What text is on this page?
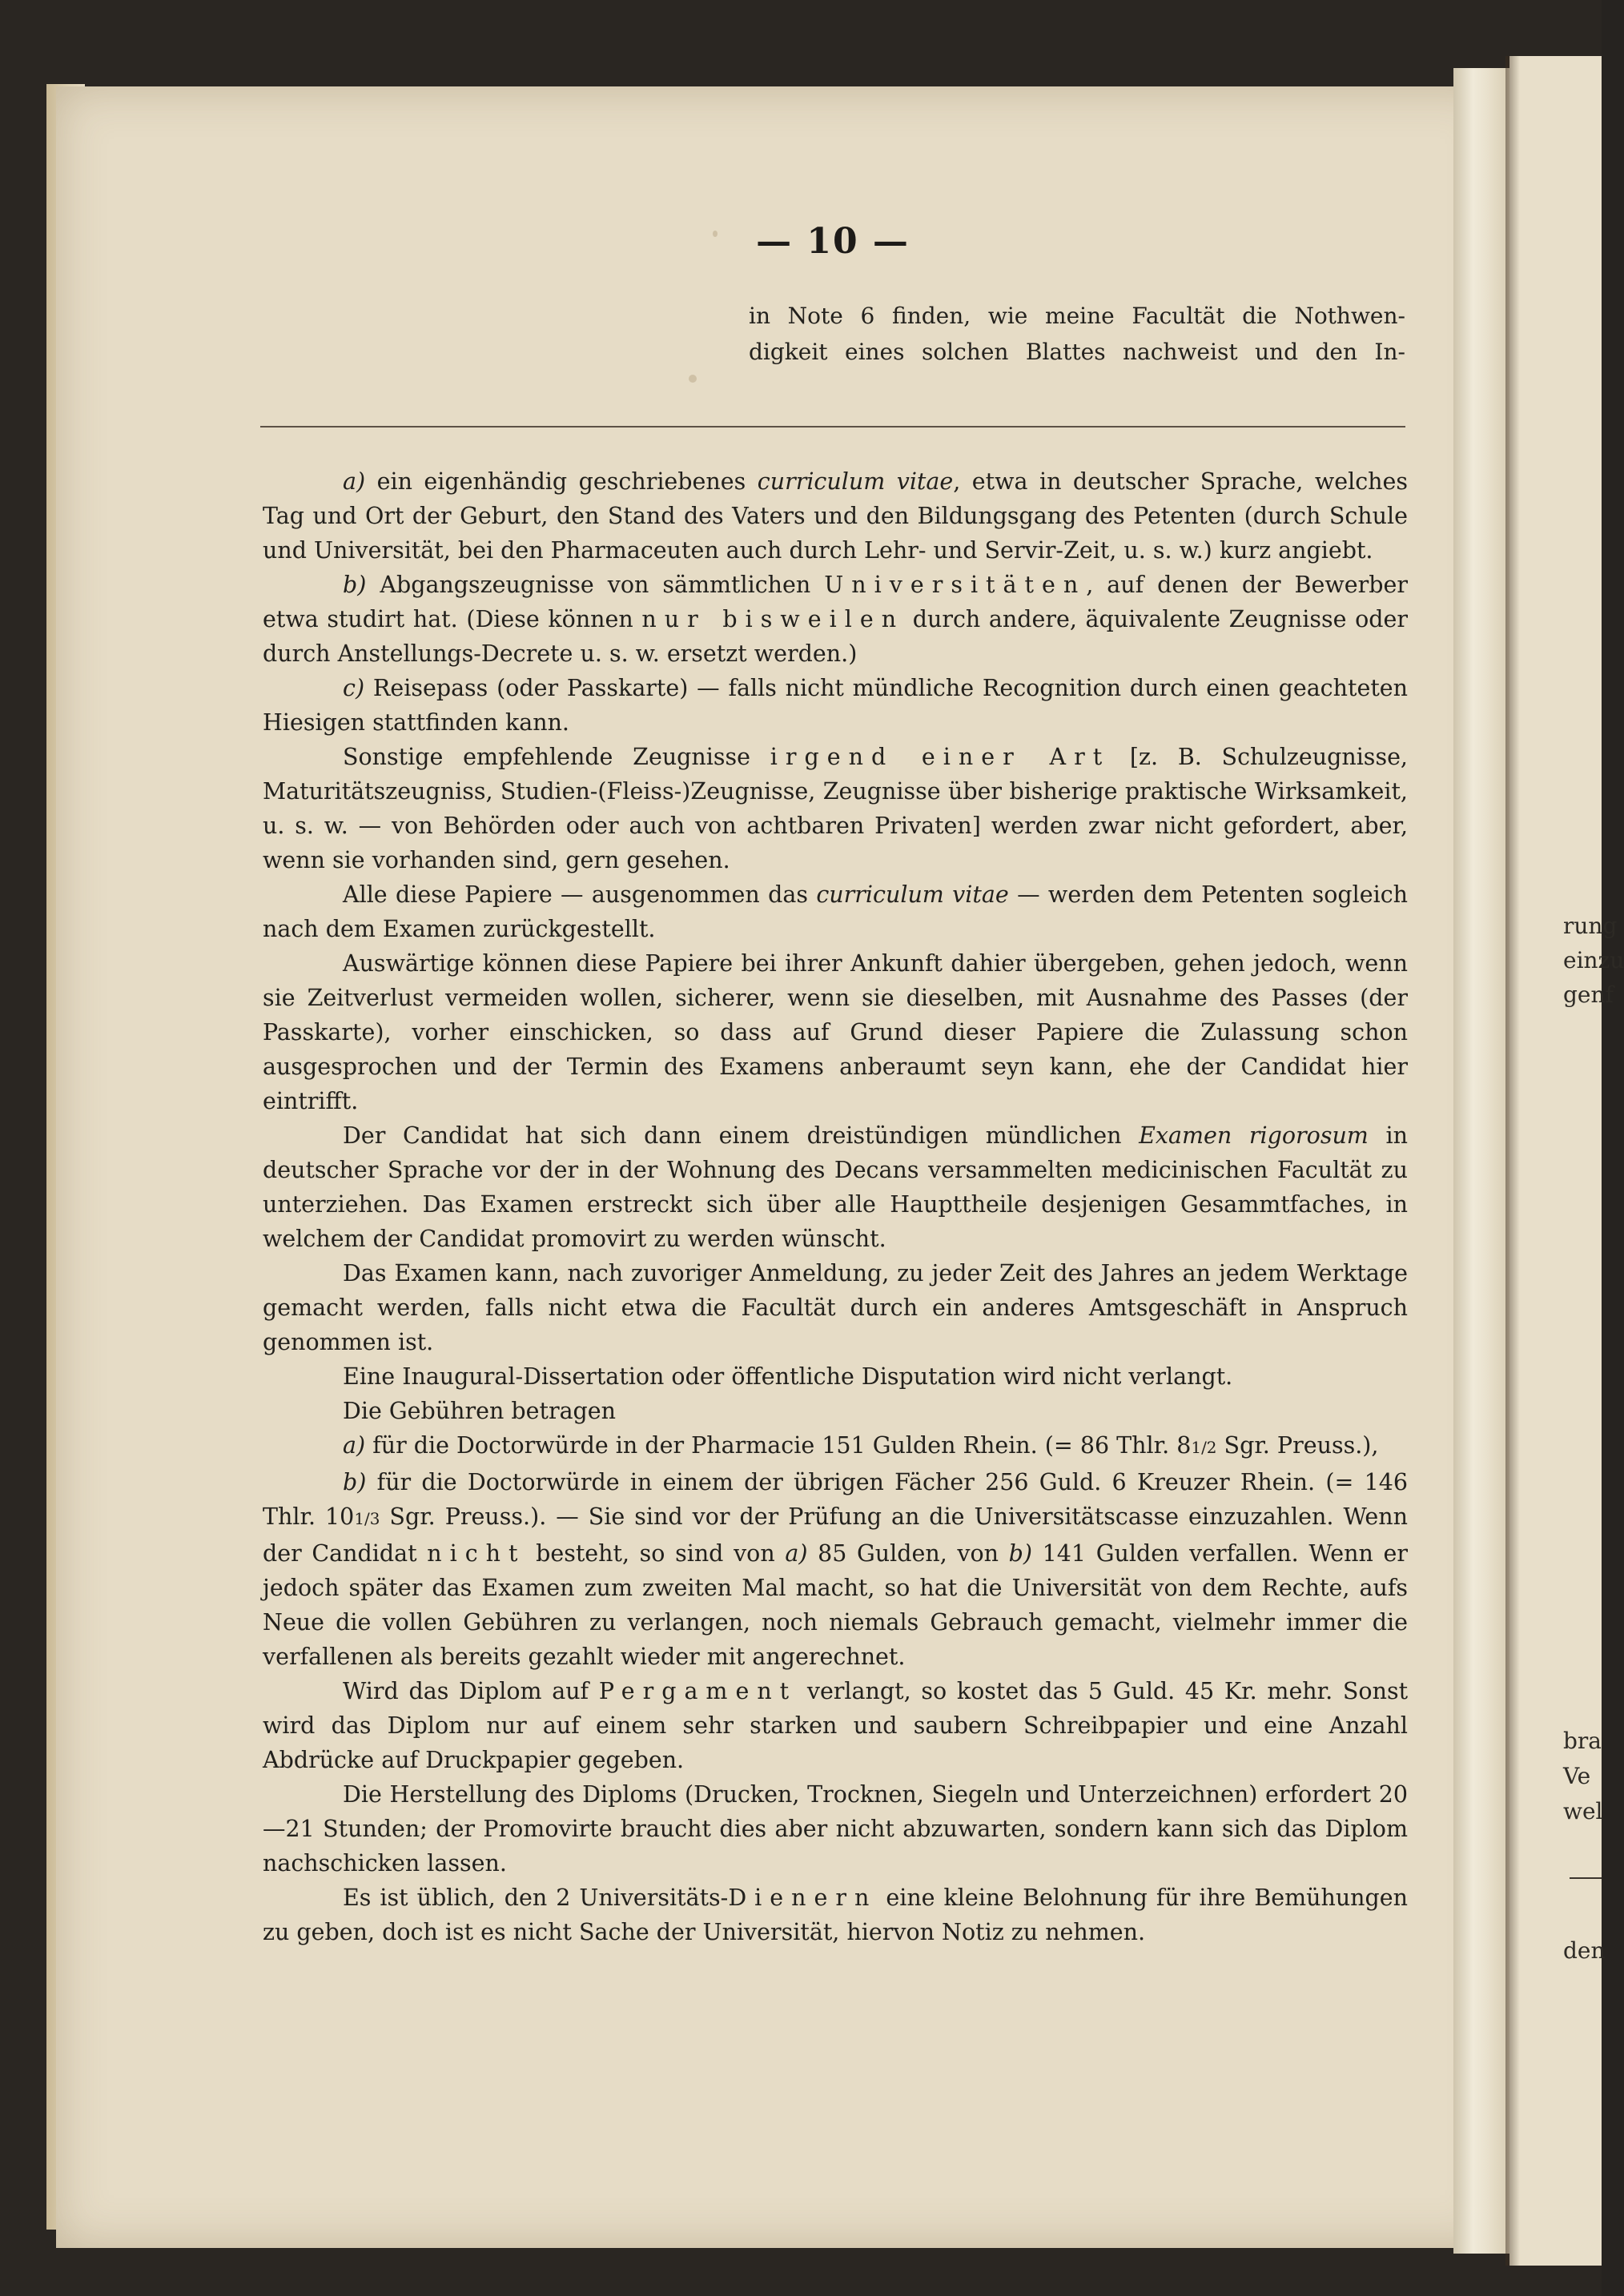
— 10 —
in Note 6 finden, wie meine Facultät die Nothwen-
digkeit eines solchen Blattes nachweist und den In-

a) ein eigenhändig geschriebenes curriculum vitae, etwa in deutscher Sprache, welches Tag und Ort der Geburt, den Stand des Vaters und den Bildungsgang des Petenten (durch Schule und Universität, bei den Pharmaceuten auch durch Lehr- und Servir-Zeit, u. s. w.) kurz angiebt.

b) Abgangszeugnisse von sämmtlichen Universitäten, auf denen der Bewerber etwa studirt hat. (Diese können nur bisweilen durch andere, äquivalente Zeugnisse oder durch Anstellungs-Decrete u. s. w. ersetzt werden.)

c) Reisepass (oder Passkarte) — falls nicht mündliche Recognition durch einen geachteten Hiesigen stattfinden kann.

Sonstige empfehlende Zeugnisse irgend einer Art [z. B. Schulzeugnisse, Maturitätszeugniss, Studien-(Fleiss-)Zeugnisse, Zeugnisse über bisherige praktische Wirksamkeit, u. s. w. — von Behörden oder auch von achtbaren Privaten] werden zwar nicht gefordert, aber, wenn sie vorhanden sind, gern gesehen.

Alle diese Papiere — ausgenommen das curriculum vitae — werden dem Petenten sogleich nach dem Examen zurückgestellt.

Auswärtige können diese Papiere bei ihrer Ankunft dahier übergeben, gehen jedoch, wenn sie Zeitverlust vermeiden wollen, sicherer, wenn sie dieselben, mit Ausnahme des Passes (der Passkarte), vorher einschicken, so dass auf Grund dieser Papiere die Zulassung schon ausgesprochen und der Termin des Examens anberaumt seyn kann, ehe der Candidat hier eintrifft.

Der Candidat hat sich dann einem dreistündigen mündlichen Examen rigorosum in deutscher Sprache vor der in der Wohnung des Decans versammelten medicinischen Facultät zu unterziehen. Das Examen erstreckt sich über alle Haupttheile desjenigen Gesammtfaches, in welchem der Candidat promovirt zu werden wünscht.

Das Examen kann, nach zuvoriger Anmeldung, zu jeder Zeit des Jahres an jedem Werktage gemacht werden, falls nicht etwa die Facultät durch ein anderes Amtsgeschäft in Anspruch genommen ist.

Eine Inaugural-Dissertation oder öffentliche Disputation wird nicht verlangt.

Die Gebühren betragen

a) für die Doctorwürde in der Pharmacie 151 Gulden Rhein. (= 86 Thlr. 81/2 Sgr. Preuss.),

b) für die Doctorwürde in einem der übrigen Fächer 256 Guld. 6 Kreuzer Rhein. (= 146 Thlr. 101/3 Sgr. Preuss.). — Sie sind vor der Prüfung an die Universitätscasse einzuzahlen. Wenn der Candidat nicht besteht, so sind von a) 85 Gulden, von b) 141 Gulden verfallen. Wenn er jedoch später das Examen zum zweiten Mal macht, so hat die Universität von dem Rechte, aufs Neue die vollen Gebühren zu verlangen, noch niemals Gebrauch gemacht, vielmehr immer die verfallenen als bereits gezahlt wieder mit angerechnet.

Wird das Diplom auf Pergament verlangt, so kostet das 5 Guld. 45 Kr. mehr. Sonst wird das Diplom nur auf einem sehr starken und saubern Schreibpapier und eine Anzahl Abdrücke auf Druckpapier gegeben.

Die Herstellung des Diploms (Drucken, Trocknen, Siegeln und Unterzeichnen) erfordert 20—21 Stunden; der Promovirte braucht dies aber nicht abzuwarten, sondern kann sich das Diplom nachschicken lassen.

Es ist üblich, den 2 Universitäts-Dienern eine kleine Belohnung für ihre Bemühungen zu geben, doch ist es nicht Sache der Universität, hiervon Notiz zu nehmen.

rung
einzu
genf
bra
Ve
wel
den
